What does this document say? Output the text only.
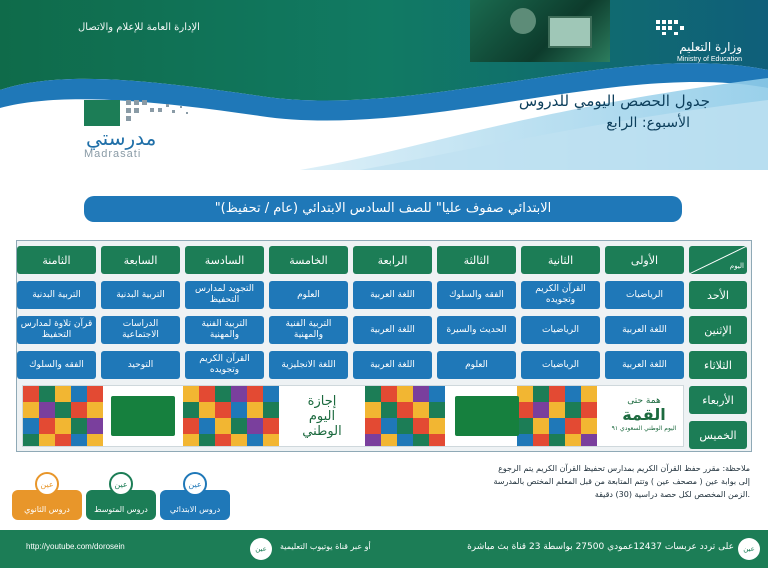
وزارة التعليم
Ministry of Education
الإدارة العامة للإعلام والاتصال
جدول الحصص اليومي للدروس
الأسبوع: الرابع
مدرستي
Madrasati
"الابتدائي صفوف عليا" للصف السادس الابتدائي (عام / تحفيظ)
إجازة
اليوم
الوطني
همة حتى
القمة
اليوم الوطني السعودي ٩١
اليوم
الأولى
الثانية
الثالثة
الرابعة
الخامسة
السادسة
السابعة
الثامنة
الأحد
الإثنين
الثلاثاء
الأربعاء
الخميس
الرياضيات
القرآن الكريم وتجويده
الفقه والسلوك
اللغة العربية
العلوم
التجويد لمدارس التحفيظ
التربية البدنية
التربية البدنية
اللغة العربية
الرياضيات
الحديث والسيرة
اللغة العربية
التربية الفنية والمهنية
التربية الفنية والمهنية
الدراسات الاجتماعية
قرآن تلاوة لمدارس التحفيظ
اللغة العربية
الرياضيات
العلوم
اللغة العربية
اللغة الانجليزية
القرآن الكريم وتجويده
التوحيد
الفقه والسلوك
ملاحظة: مقرر حفظ القرآن الكريم بمدارس تحفيظ القرآن الكريم يتم الرجوع
إلى بوابة عين ( مصحف عين ) وتتم المتابعة من قبل المعلم المختص بالمدرسة
الزمن المخصص لكل حصة دراسية (30) دقيقة.
عين
دروس الثانوي
عين
دروس المتوسط
عين
دروس الابتدائي
عين
على تردد عربسات 12437عمودي 27500 بواسطة 23 قناة بث مباشرة
عين	أو عبر قناة يوتيوب التعليمية
http://youtube.com/dorosein
